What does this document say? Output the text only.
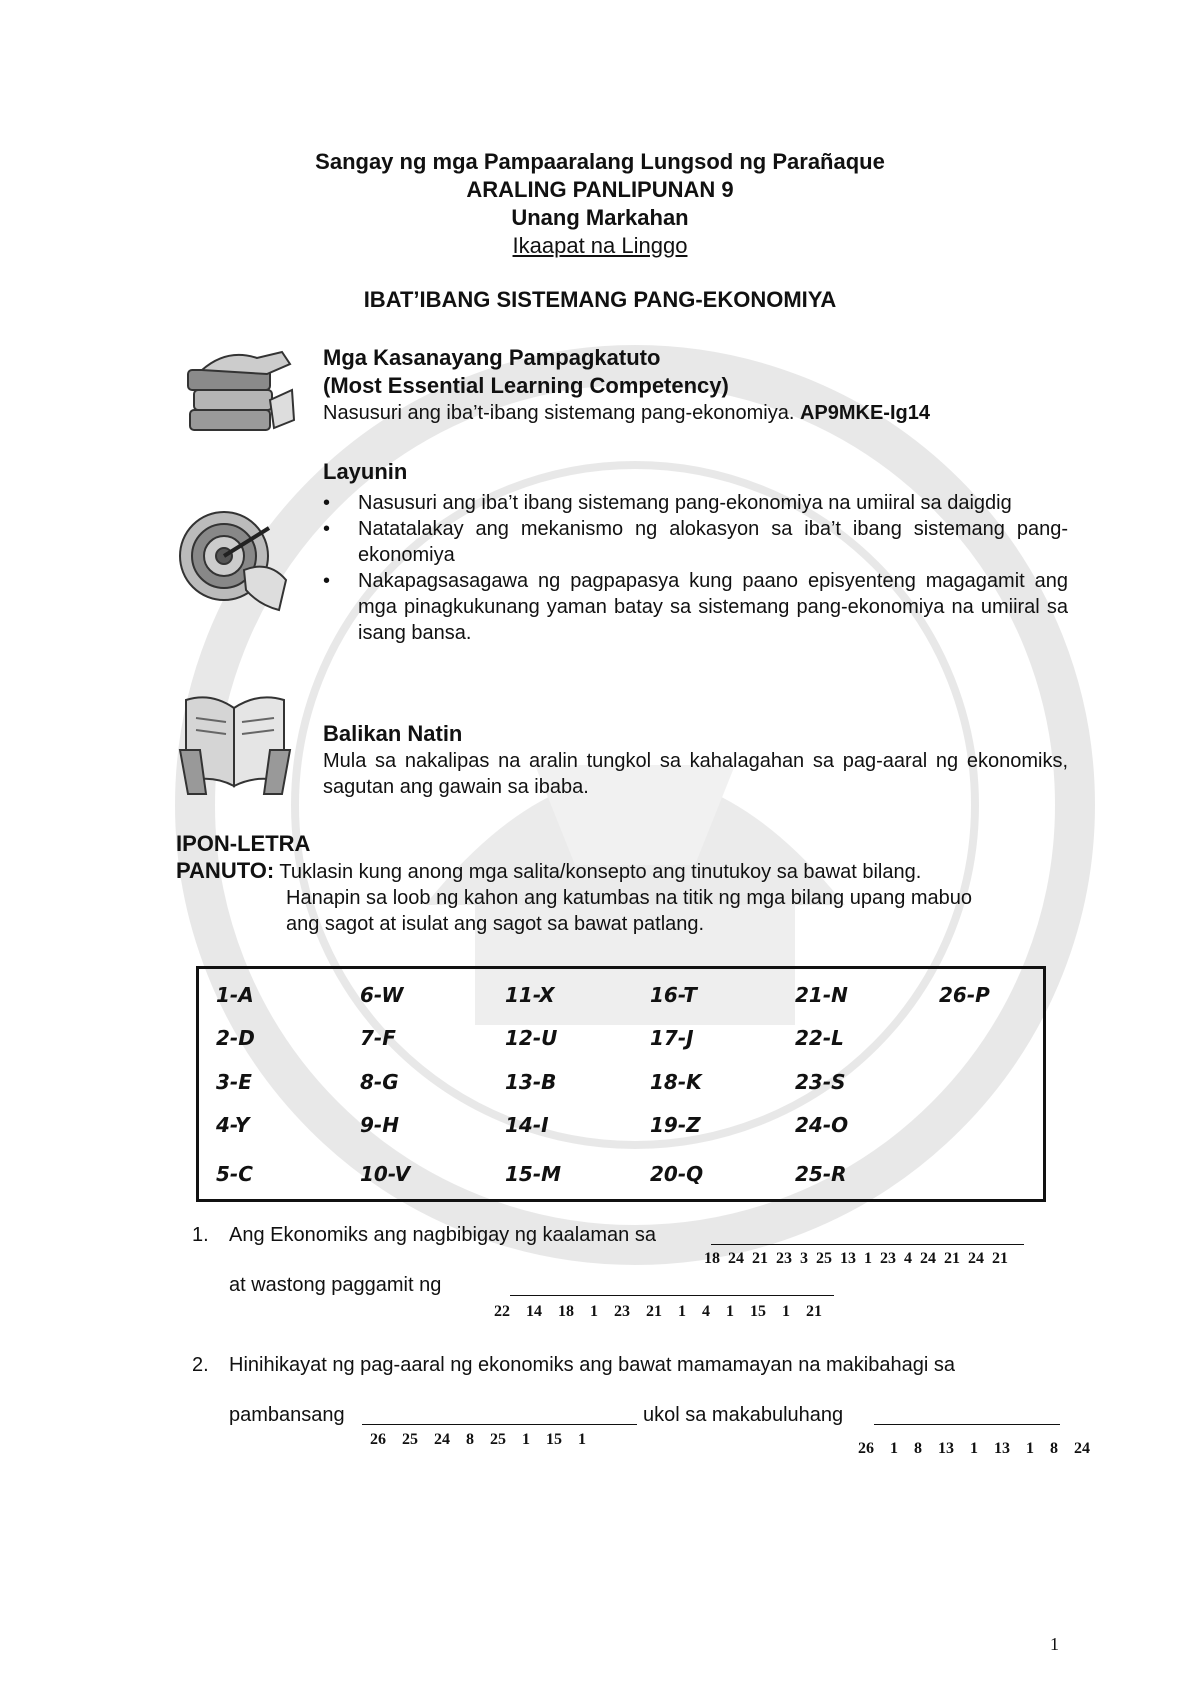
Sangay ng mga Pampaaralang Lungsod ng Parañaque

ARALING PANLIPUNAN 9

Unang Markahan

Ikaapat na Linggo

IBAT’IBANG SISTEMANG PANG-EKONOMIYA
Mga Kasanayang Pampagkatuto
(Most Essential Learning Competency)
Nasusuri ang iba’t-ibang sistemang pang-ekonomiya. AP9MKE-Ig14
Layunin
• Nasusuri ang iba’t ibang sistemang pang-ekonomiya na umiiral sa daigdig
• Natatalakay ang mekanismo ng alokasyon sa iba’t ibang sistemang pang-ekonomiya
• Nakapagsasagawa ng pagpapasya kung paano episyenteng magagamit ang mga pinagkukunang yaman batay sa sistemang pang-ekonomiya na umiiral sa isang bansa.
Balikan Natin
Mula sa nakalipas na aralin tungkol sa kahalagahan sa pag-aaral ng ekonomiks, sagutan ang gawain sa ibaba.
IPON-LETRA
PANUTO: Tuklasin kung anong mga salita/konsepto ang tinutukoy sa bawat bilang.
Hanapin sa loob ng kahon ang katumbas na titik ng mga bilang upang mabuo
ang sagot at isulat ang sagot sa bawat patlang.
1-A
2-D
3-E
4-Y
5-C
6-W
7-F
8-G
9-H
10-V
11-X
12-U
13-B
14-I
15-M
16-T
17-J
18-K
19-Z
20-Q
21-N
22-L
23-S
24-O
25-R
26-P
1. Ang Ekonomiks ang nagbibigay ng kaalaman sa
18 24 21 23 3 25 13 1 23 4 24 21 24 21
at wastong paggamit ng
22  14  18  1  23  21  1  4  1  15  1  21
2. Hinihikayat ng pag-aaral ng ekonomiks ang bawat mamamayan na makibahagi sa
pambansang
26  25  24  8  25  1  15  1
ukol sa makabuluhang
26  1  8  13  1  13  1  8  24
1
